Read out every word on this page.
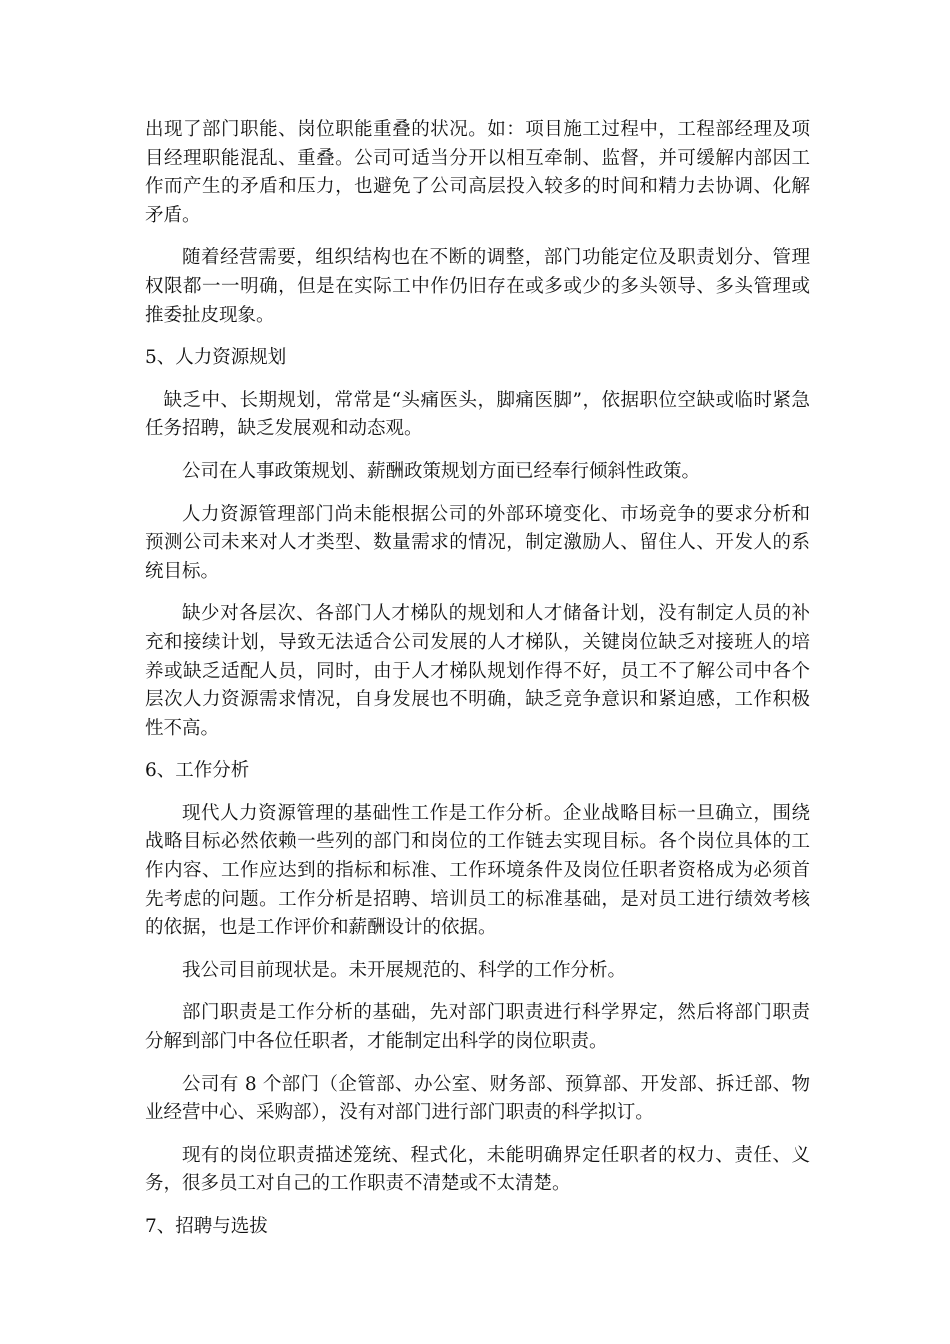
出现了部门职能、岗位职能重叠的状况。如：项目施工过程中，工程部经理及项目经理职能混乱、重叠。公司可适当分开以相互牵制、监督，并可缓解内部因工作而产生的矛盾和压力，也避免了公司高层投入较多的时间和精力去协调、化解矛盾。

随着经营需要，组织结构也在不断的调整，部门功能定位及职责划分、管理权限都一一明确，但是在实际工中作仍旧存在或多或少的多头领导、多头管理或推委扯皮现象。

5、人力资源规划

缺乏中、长期规划，常常是“头痛医头，脚痛医脚”，依据职位空缺或临时紧急任务招聘，缺乏发展观和动态观。

公司在人事政策规划、薪酬政策规划方面已经奉行倾斜性政策。

人力资源管理部门尚未能根据公司的外部环境变化、市场竞争的要求分析和预测公司未来对人才类型、数量需求的情况，制定激励人、留住人、开发人的系统目标。

缺少对各层次、各部门人才梯队的规划和人才储备计划，没有制定人员的补充和接续计划，导致无法适合公司发展的人才梯队，关键岗位缺乏对接班人的培养或缺乏适配人员，同时，由于人才梯队规划作得不好，员工不了解公司中各个层次人力资源需求情况，自身发展也不明确，缺乏竞争意识和紧迫感，工作积极性不高。

6、工作分析

现代人力资源管理的基础性工作是工作分析。企业战略目标一旦确立，围绕战略目标必然依赖一些列的部门和岗位的工作链去实现目标。各个岗位具体的工作内容、工作应达到的指标和标准、工作环境条件及岗位任职者资格成为必须首先考虑的问题。工作分析是招聘、培训员工的标准基础，是对员工进行绩效考核的依据，也是工作评价和薪酬设计的依据。

我公司目前现状是。未开展规范的、科学的工作分析。

部门职责是工作分析的基础，先对部门职责进行科学界定，然后将部门职责分解到部门中各位任职者，才能制定出科学的岗位职责。

公司有 8 个部门（企管部、办公室、财务部、预算部、开发部、拆迁部、物业经营中心、采购部），没有对部门进行部门职责的科学拟订。

现有的岗位职责描述笼统、程式化，未能明确界定任职者的权力、责任、义务，很多员工对自己的工作职责不清楚或不太清楚。

7、招聘与选拔
